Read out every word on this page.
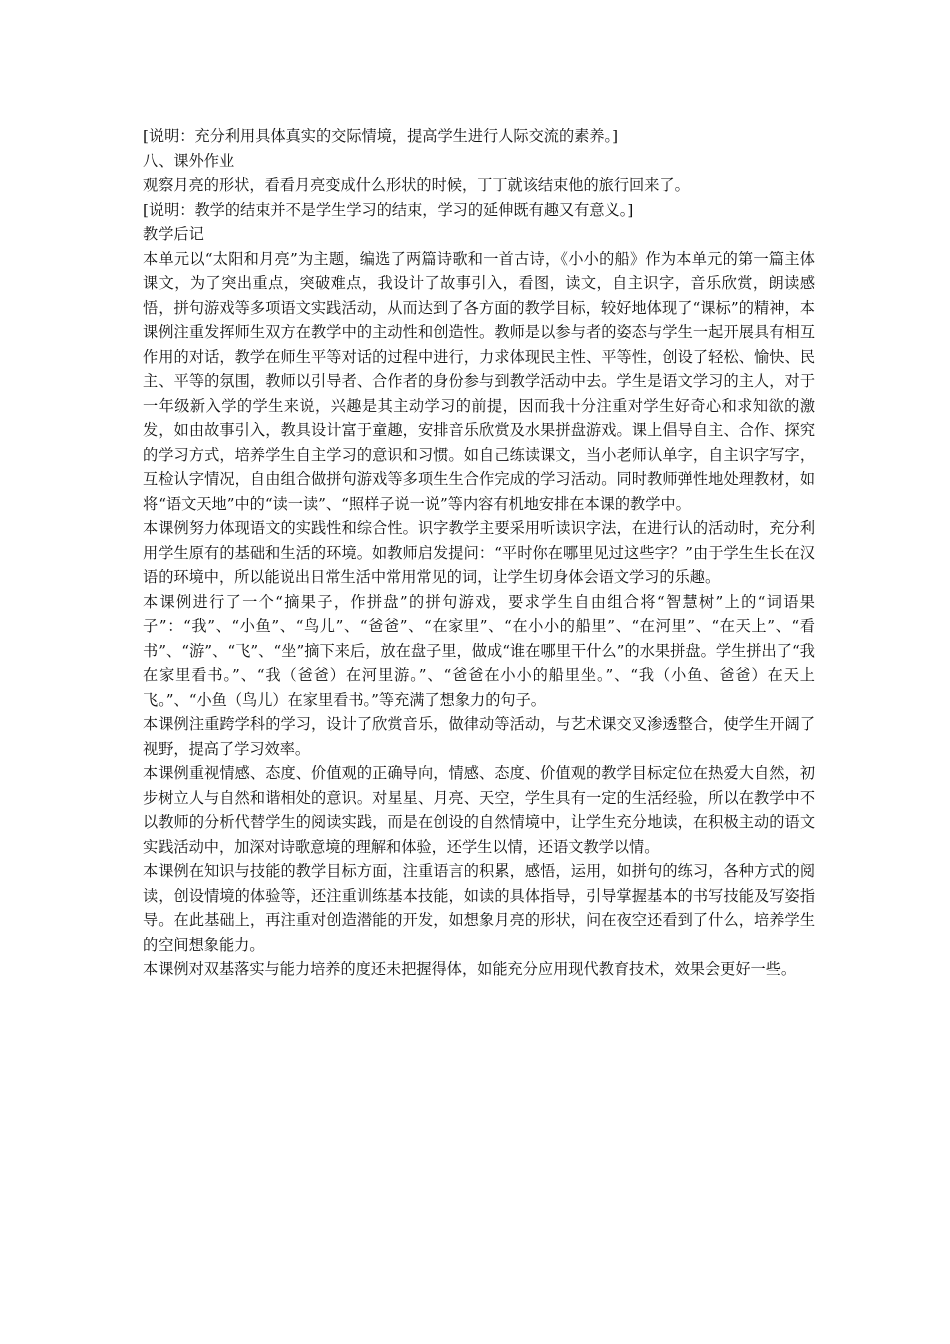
[说明：充分利用具体真实的交际情境，提高学生进行人际交流的素养。]

八、课外作业

观察月亮的形状，看看月亮变成什么形状的时候，丁丁就该结束他的旅行回来了。

[说明：教学的结束并不是学生学习的结束，学习的延伸既有趣又有意义。]

教学后记

本单元以“太阳和月亮”为主题，编选了两篇诗歌和一首古诗，《小小的船》作为本单元的第一篇主体课文，为了突出重点，突破难点，我设计了故事引入，看图，读文，自主识字，音乐欣赏，朗读感悟，拼句游戏等多项语文实践活动，从而达到了各方面的教学目标，较好地体现了“课标”的精神，本课例注重发挥师生双方在教学中的主动性和创造性。教师是以参与者的姿态与学生一起开展具有相互作用的对话，教学在师生平等对话的过程中进行，力求体现民主性、平等性，创设了轻松、愉快、民主、平等的氛围，教师以引导者、合作者的身份参与到教学活动中去。学生是语文学习的主人，对于一年级新入学的学生来说，兴趣是其主动学习的前提，因而我十分注重对学生好奇心和求知欲的激发，如由故事引入，教具设计富于童趣，安排音乐欣赏及水果拼盘游戏。课上倡导自主、合作、探究的学习方式，培养学生自主学习的意识和习惯。如自己练读课文，当小老师认单字，自主识字写字，互检认字情况，自由组合做拼句游戏等多项生生合作完成的学习活动。同时教师弹性地处理教材，如将“语文天地”中的“读一读”、“照样子说一说”等内容有机地安排在本课的教学中。

本课例努力体现语文的实践性和综合性。识字教学主要采用听读识字法，在进行认的活动时，充分利用学生原有的基础和生活的环境。如教师启发提问：“平时你在哪里见过这些字？”由于学生生长在汉语的环境中，所以能说出日常生活中常用常见的词，让学生切身体会语文学习的乐趣。

本课例进行了一个“摘果子，作拼盘”的拼句游戏，要求学生自由组合将“智慧树”上的“词语果子”：“我”、“小鱼”、“鸟儿”、“爸爸”、“在家里”、“在小小的船里”、“在河里”、“在天上”、“看书”、“游”、“飞”、“坐”摘下来后，放在盘子里，做成“谁在哪里干什么”的水果拼盘。学生拼出了“我在家里看书。”、“我（爸爸）在河里游。”、“爸爸在小小的船里坐。”、“我（小鱼、爸爸）在天上飞。”、“小鱼（鸟儿）在家里看书。”等充满了想象力的句子。

本课例注重跨学科的学习，设计了欣赏音乐，做律动等活动，与艺术课交叉渗透整合，使学生开阔了视野，提高了学习效率。

本课例重视情感、态度、价值观的正确导向，情感、态度、价值观的教学目标定位在热爱大自然，初步树立人与自然和谐相处的意识。对星星、月亮、天空，学生具有一定的生活经验，所以在教学中不以教师的分析代替学生的阅读实践，而是在创设的自然情境中，让学生充分地读，在积极主动的语文实践活动中，加深对诗歌意境的理解和体验，还学生以情，还语文教学以情。

本课例在知识与技能的教学目标方面，注重语言的积累，感悟，运用，如拼句的练习，各种方式的阅读，创设情境的体验等，还注重训练基本技能，如读的具体指导，引导掌握基本的书写技能及写姿指导。在此基础上，再注重对创造潜能的开发，如想象月亮的形状，问在夜空还看到了什么，培养学生的空间想象能力。

本课例对双基落实与能力培养的度还未把握得体，如能充分应用现代教育技术，效果会更好一些。
